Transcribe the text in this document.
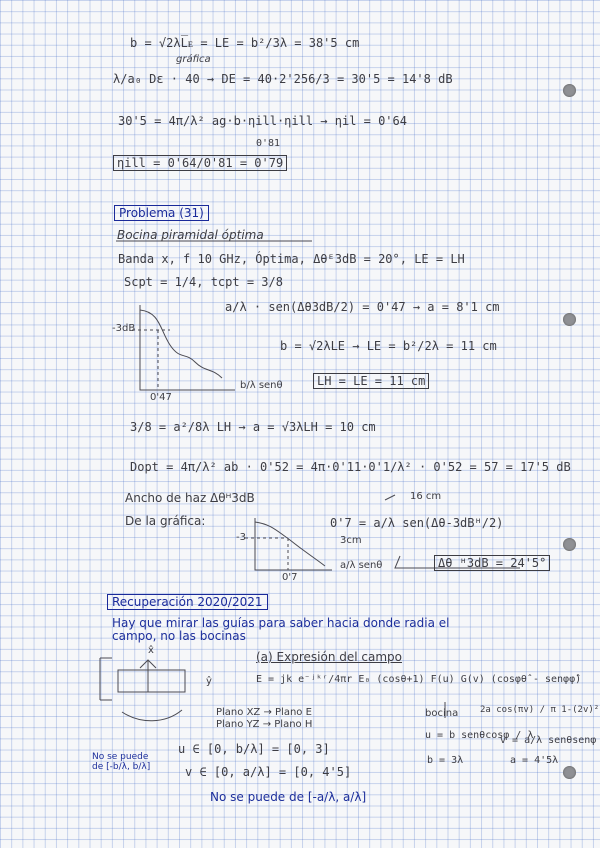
b = √2λL̅ᴇ = LE = b²/3λ = 38'5 cm
gráfica
λ/a₀ Dε · 40 → DE = 40·2'256/3 = 30'5 = 14'8 dB
30'5 = 4π/λ² ag·b·ηill·ηill → ηil = 0'64
0'81
ηill = 0'64/0'81 = 0'79
Problema (31)
Bocina piramidal óptima
Banda x, f 10 GHz, Óptima, Δθᴱ3dB = 20°, LE = LH
Scpt = 1/4, tcpt = 3/8
-3dB
a/λ · sen(Δθ3dB/2) = 0'47 → a = 8'1 cm
b = √2λLE → LE = b²/2λ = 11 cm
LH = LE = 11 cm
0'47
b/λ senθ
3/8 = a²/8λ LH → a = √3λLH = 10 cm
Dopt = 4π/λ² ab · 0'52 = 4π·0'11·0'1/λ² · 0'52 = 57 = 17'5 dB
Ancho de haz Δθᴴ3dB	16 cm
De la gráfica:	0'7 = a/λ sen(Δθ-3dBᴴ/2)
3cm
-3
0'7
a/λ senθ	Δθ ᴴ3dB = 24'5°
Recuperación 2020/2021
Hay que mirar las guías para saber hacia donde radia el
campo, no las bocinas
x̂
ŷ
(a) Expresión del campo
E = jk e⁻ʲᵏʳ/4πr E₀ (cosθ+1) F(u) G(v) (cosφθ̂ - senφφ̂)
Plano XZ → Plano E
Plano YZ → Plano H
bocina 2a cos(πv) / π 1-(2v)²
u = b senθcosφ / λ
v = a/λ senθsenφ
b = 3λ	a = 4'5λ
u ∈ [0, b/λ] = [0, 3]
v ∈ [0, a/λ] = [0, 4'5]
No se puede de [-a/λ, a/λ]
No se puede de [-b/λ, b/λ]
